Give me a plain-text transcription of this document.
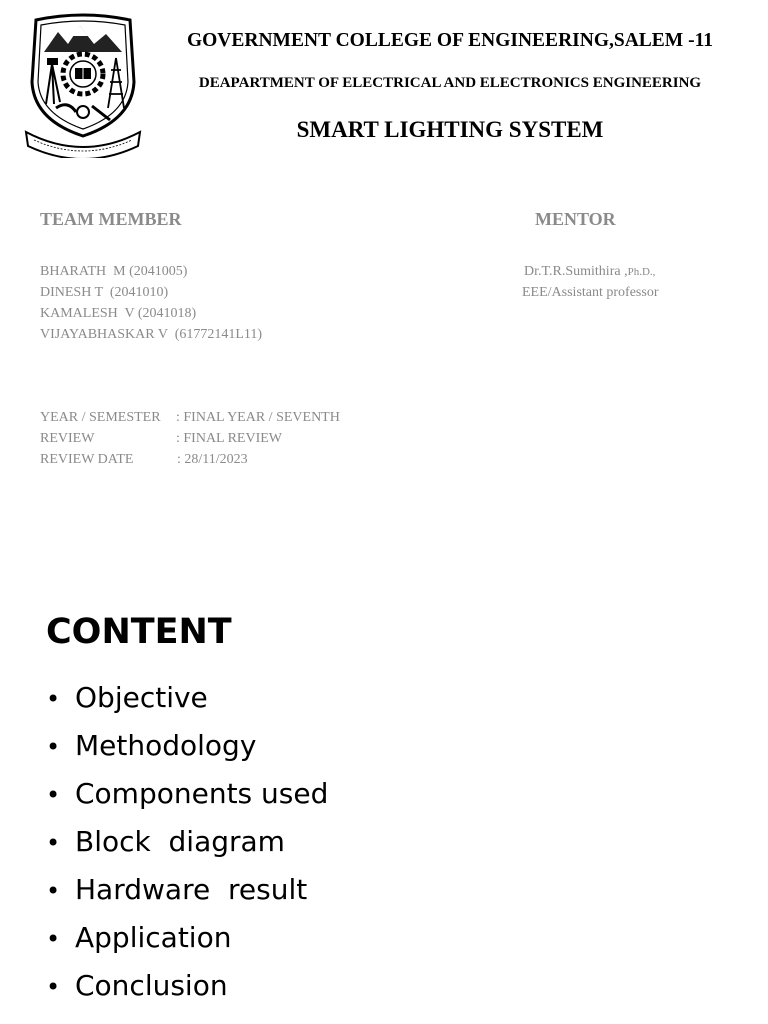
GOVERNMENT COLLEGE OF ENGINEERING,SALEM -11
DEAPARTMENT OF ELECTRICAL AND ELECTRONICS ENGINEERING
SMART LIGHTING SYSTEM
TEAM MEMBER	MENTOR
BHARATH  M (2041005)
DINESH T  (2041010)
KAMALESH  V (2041018)
VIJAYABHASKAR V  (61772141L11)
Dr.T.R.Sumithira ,Ph.D.,
EEE/Assistant professor
YEAR / SEMESTER : FINAL YEAR / SEVENTH
REVIEW	: FINAL REVIEW
REVIEW DATE	: 28/11/2023
CONTENT
• Objective
• Methodology
• Components used
• Block  diagram
• Hardware  result
• Application
• Conclusion
